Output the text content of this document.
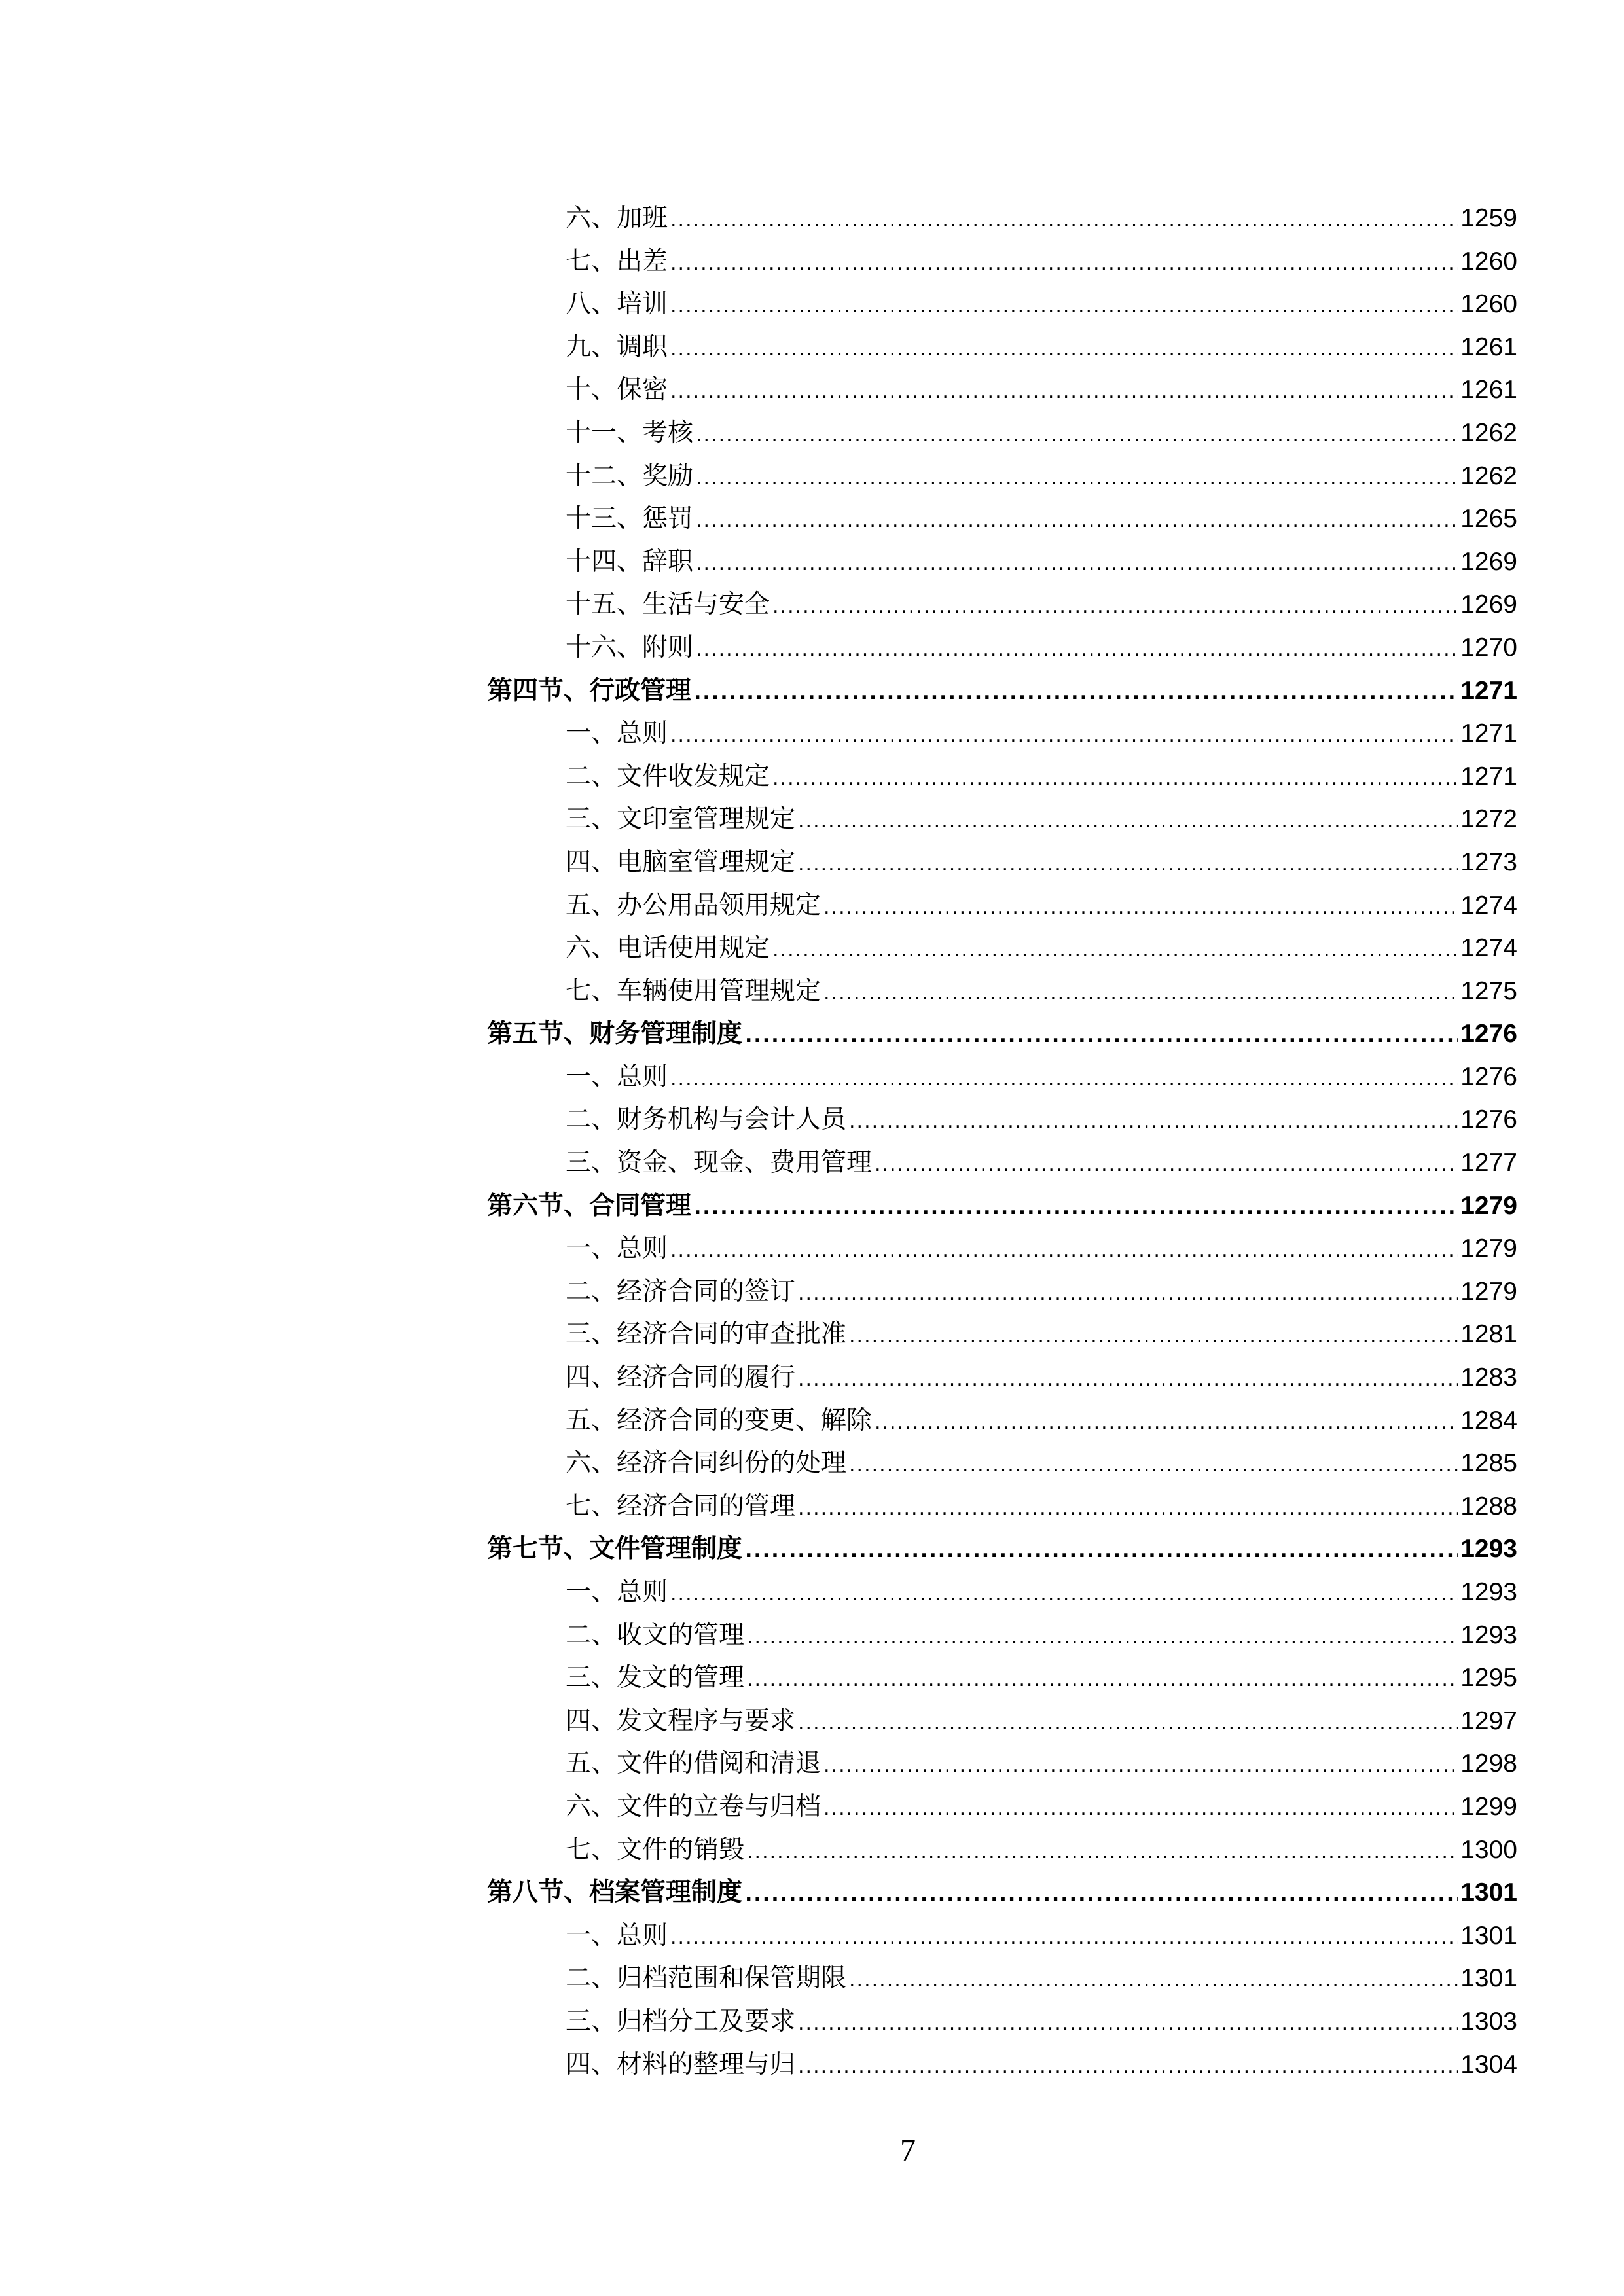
六、加班 .....	1259
七、出差 .....	1260
八、培训 .....	1260
九、调职 .....	1261
十、保密 .....	1261
十一、考核 .....	1262
十二、奖励 .....	1262
十三、惩罚 .....	1265
十四、辞职 .....	1269
十五、生活与安全 .....	1269
十六、附则 .....	1270
第四节、行政管理 .....	1271
一、总则 .....	1271
二、文件收发规定 .....	1271
三、文印室管理规定 .....	1272
四、电脑室管理规定 .....	1273
五、办公用品领用规定 .....	1274
六、电话使用规定 .....	1274
七、车辆使用管理规定 .....	1275
第五节、财务管理制度 .....	1276
一、总则 .....	1276
二、财务机构与会计人员 .....	1276
三、资金、现金、费用管理 .....	1277
第六节、合同管理 .....	1279
一、总则 .....	1279
二、经济合同的签订 .....	1279
三、经济合同的审查批准 .....	1281
四、经济合同的履行 .....	1283
五、经济合同的变更、解除 .....	1284
六、经济合同纠份的处理 .....	1285
七、经济合同的管理 .....	1288
第七节、文件管理制度 .....	1293
一、总则 .....	1293
二、收文的管理 .....	1293
三、发文的管理 .....	1295
四、发文程序与要求 .....	1297
五、文件的借阅和清退 .....	1298
六、文件的立卷与归档 .....	1299
七、文件的销毁 .....	1300
第八节、档案管理制度 .....	1301
一、总则 .....	1301
二、归档范围和保管期限 .....	1301
三、归档分工及要求 .....	1303
四、材料的整理与归 .....	1304
7
